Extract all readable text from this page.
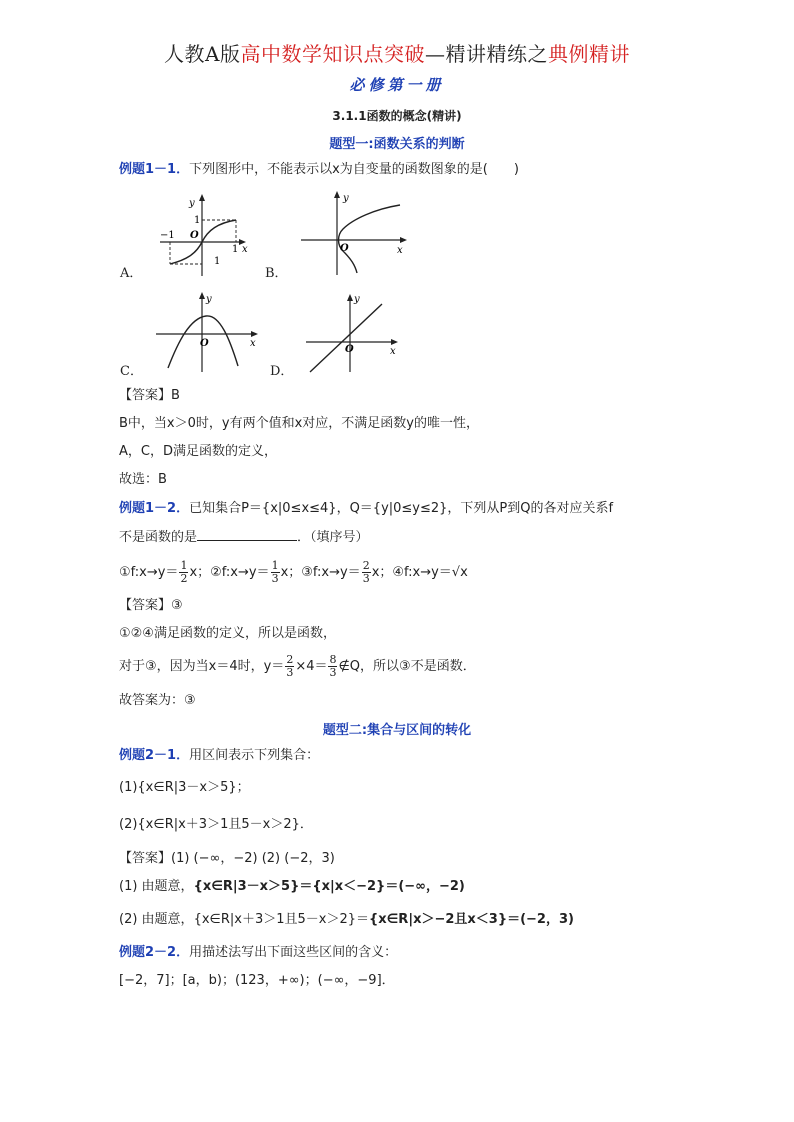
人教A版高中数学知识点突破—精讲精练之典例精讲
必修第一册
3.1.1函数的概念(精讲)
题型一:函数关系的判断
例题1－1．下列图形中，不能表示以x为自变量的函数图象的是(　　)
y
1
−1 O
1 x
1
A．
y
O	x
B．
y
O	x
C．
y
O	x
D．
【答案】B
B中，当x＞0时，y有两个值和x对应，不满足函数y的唯一性，
A，C，D满足函数的定义，
故选：B
例题1－2．已知集合P＝{x|0≤x≤4}，Q＝{y|0≤y≤2}，下列从P到Q的各对应关系f
不是函数的是	．（填序号）
①f:x→y＝ $\frac{1}{2}$ x；②f:x→y＝ $\frac{1}{3}$ x；③f:x→y＝ $\frac{2}{3}$ x；④f:x→y＝√x
【答案】③
①②④满足函数的定义，所以是函数，
对于③，因为当x＝4时，$y= \frac{2}{3} \times 4= \frac{8}{3}$ ∉Q，所以③不是函数．
故答案为：③
题型二:集合与区间的转化
例题2－1．用区间表示下列集合：
(1){x∈R|3－x＞5}；
(2){x∈R|x＋3＞1且5－x＞2}．
【答案】(1) (−∞，−2) (2) (−2，3)
(1) 由题意，{x∈R|3－x＞5}＝{x|x＜−2}＝(−∞，−2)
(2) 由题意，{x∈R|x＋3＞1且5－x＞2}＝{x∈R|x＞−2且x＜3}＝(−2，3)
例题2－2．用描述法写出下面这些区间的含义：
[−2，7]；[a，b)；(123，+∞)；(−∞，−9]．
